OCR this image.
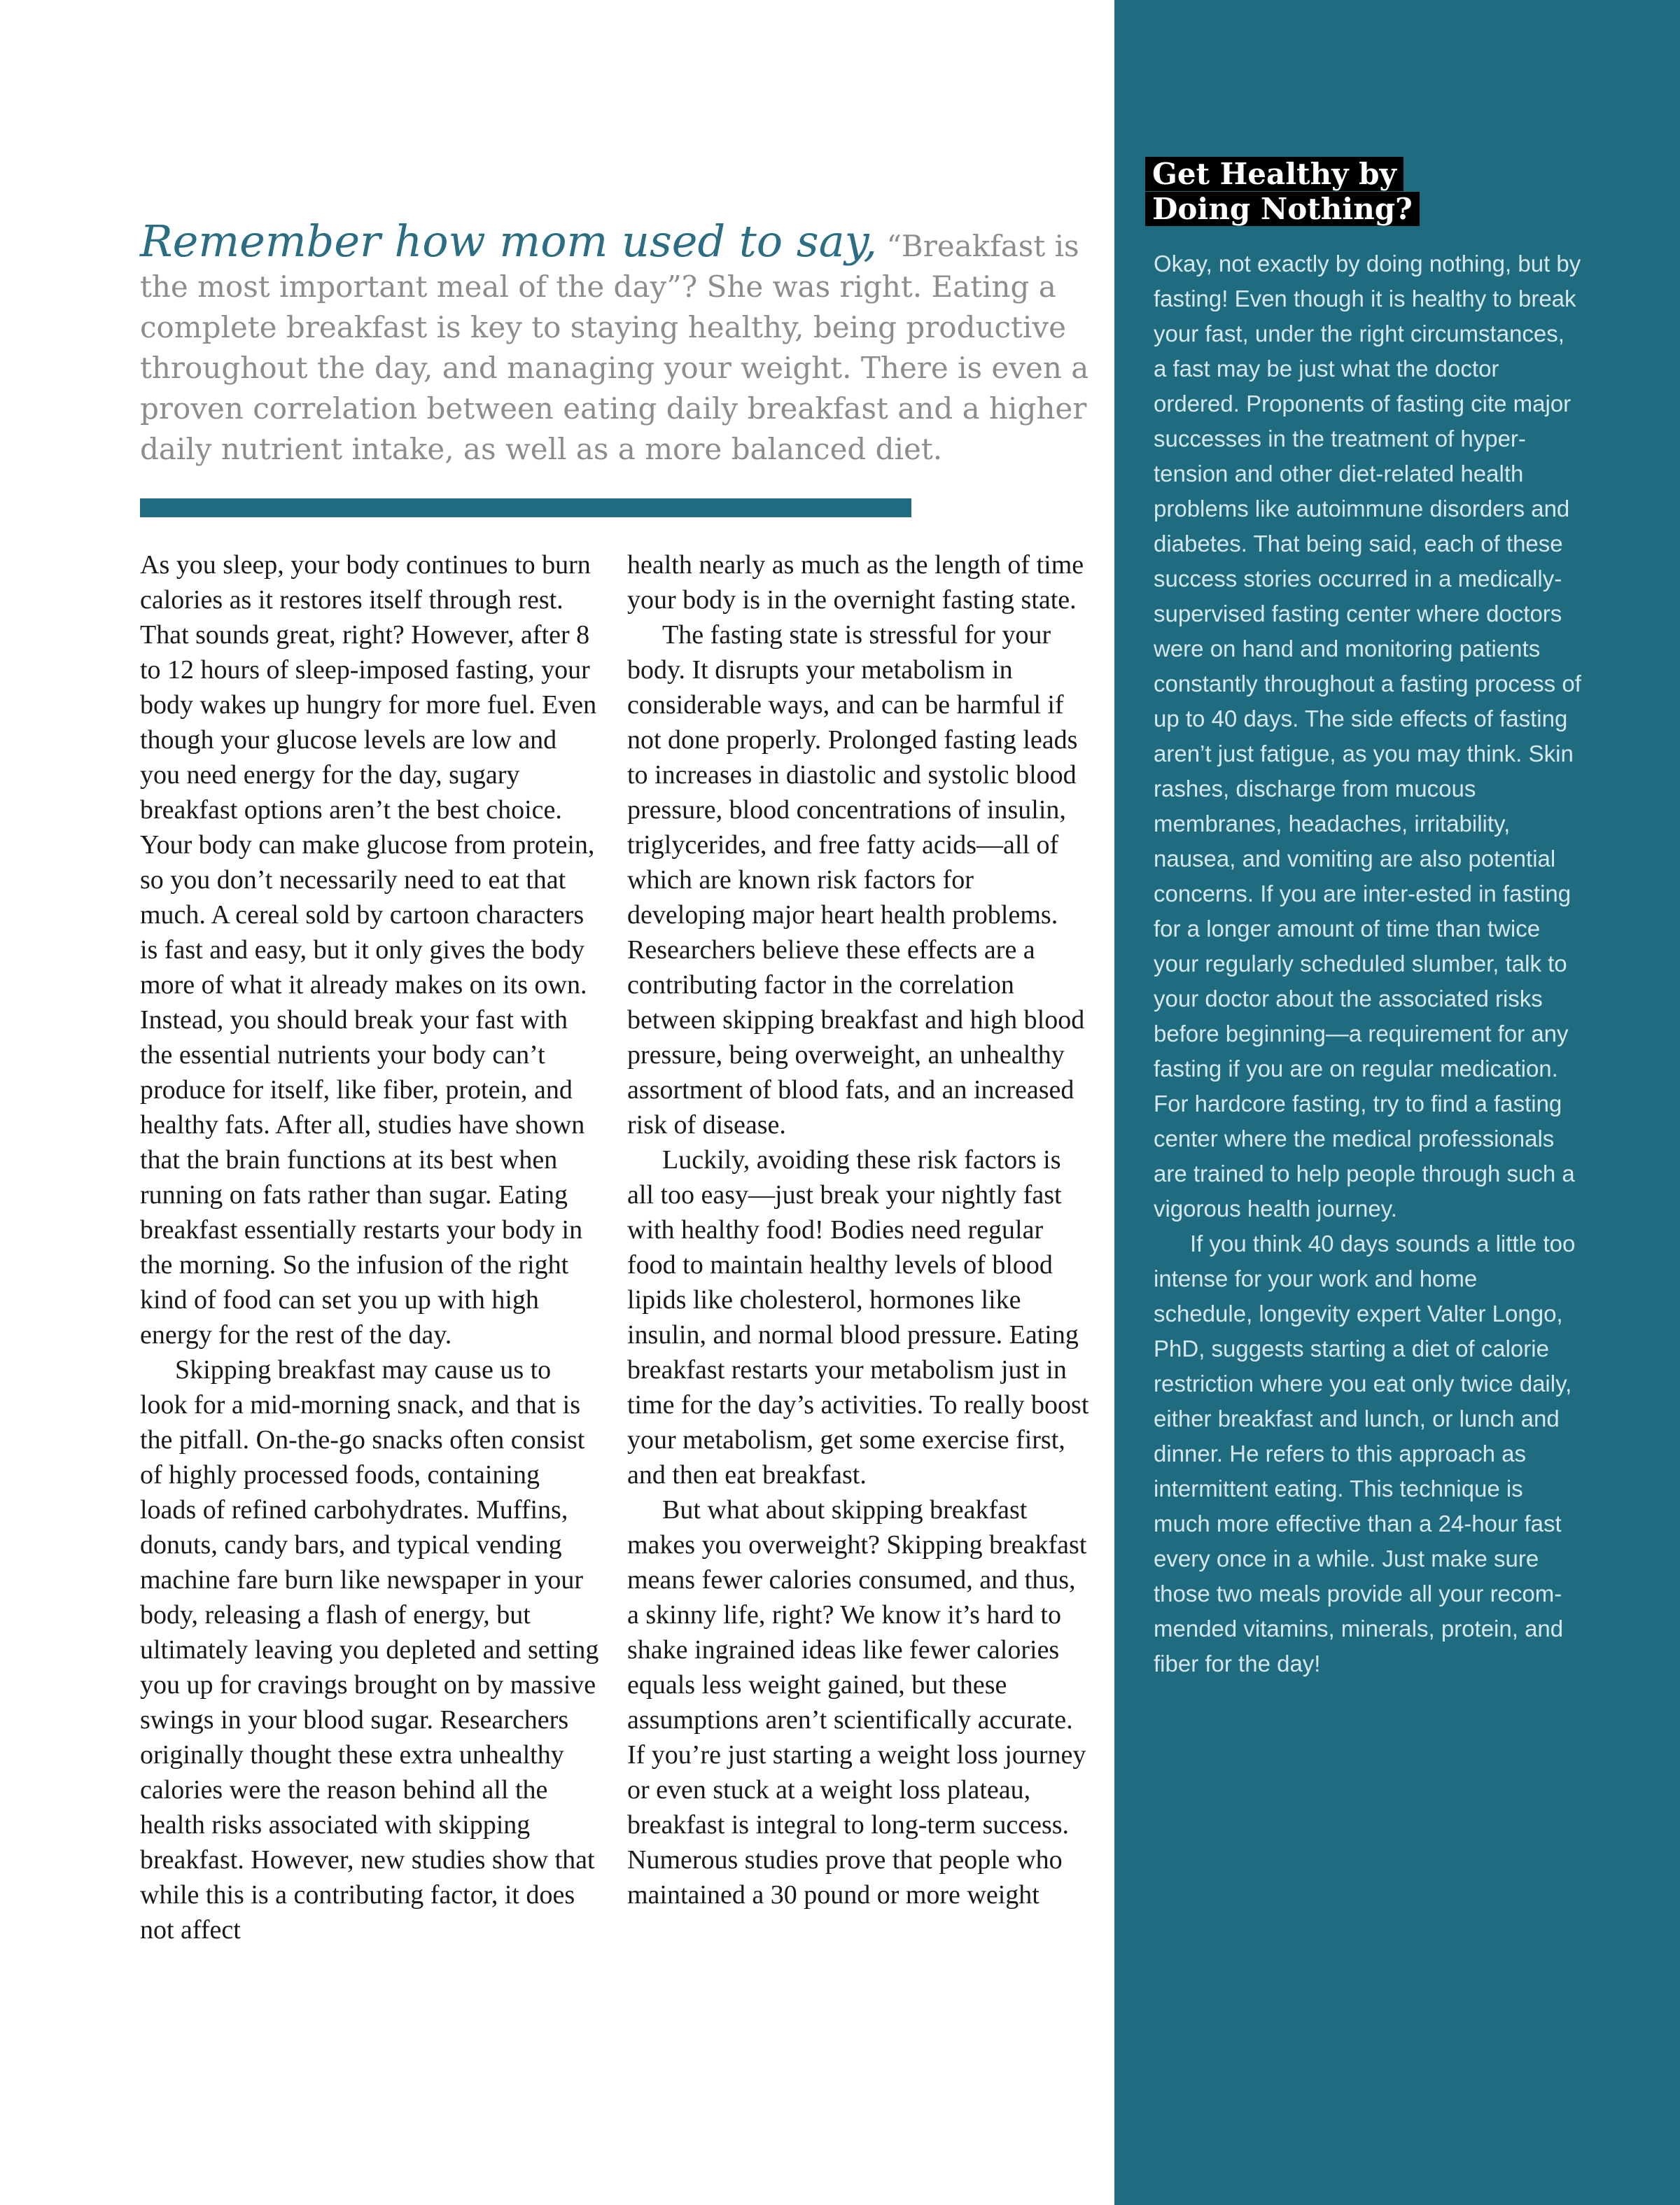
Get Healthy by
Doing Nothing?

Okay, not exactly by doing nothing, but by fasting! Even though it is healthy to break your fast, under the right circumstances, a fast may be just what the doctor ordered. Proponents of fasting cite major successes in the treatment of hyper-tension and other diet-related health problems like autoimmune disorders and diabetes. That being said, each of these success stories occurred in a medically-supervised fasting center where doctors were on hand and monitoring patients constantly throughout a fasting process of up to 40 days. The side effects of fasting aren’t just fatigue, as you may think. Skin rashes, discharge from mucous membranes, headaches, irritability, nausea, and vomiting are also potential concerns. If you are inter-ested in fasting for a longer amount of time than twice your regularly scheduled slumber, talk to your doctor about the associated risks before beginning—a requirement for any fasting if you are on regular medication. For hardcore fasting, try to find a fasting center where the medical professionals are trained to help people through such a vigorous health journey.

If you think 40 days sounds a little too intense for your work and home schedule, longevity expert Valter Longo, PhD, suggests starting a diet of calorie restriction where you eat only twice daily, either breakfast and lunch, or lunch and dinner. He refers to this approach as intermittent eating. This technique is much more effective than a 24-hour fast every once in a while. Just make sure those two meals provide all your recom-mended vitamins, minerals, protein, and fiber for the day!

Remember how mom used to say, “Breakfast is the most important meal of the day”? She was right. Eating a complete breakfast is key to staying healthy, being productive throughout the day, and managing your weight. There is even a proven correlation between eating daily breakfast and a higher daily nutrient intake, as well as a more balanced diet.

As you sleep, your body continues to burn calories as it restores itself through rest. That sounds great, right? However, after 8 to 12 hours of sleep-imposed fasting, your body wakes up hungry for more fuel. Even though your glucose levels are low and you need energy for the day, sugary breakfast options aren’t the best choice. Your body can make glucose from protein, so you don’t necessarily need to eat that much. A cereal sold by cartoon characters is fast and easy, but it only gives the body more of what it already makes on its own. Instead, you should break your fast with the essential nutrients your body can’t produce for itself, like fiber, protein, and healthy fats. After all, studies have shown that the brain functions at its best when running on fats rather than sugar. Eating breakfast essentially restarts your body in the morning. So the infusion of the right kind of food can set you up with high energy for the rest of the day.

Skipping breakfast may cause us to look for a mid-morning snack, and that is the pitfall. On-the-go snacks often consist of highly processed foods, containing loads of refined carbohydrates. Muffins, donuts, candy bars, and typical vending machine fare burn like newspaper in your body, releasing a flash of energy, but ultimately leaving you depleted and setting you up for cravings brought on by massive swings in your blood sugar. Researchers originally thought these extra unhealthy calories were the reason behind all the health risks associated with skipping breakfast. However, new studies show that while this is a contributing factor, it does not affect

health nearly as much as the length of time your body is in the overnight fasting state.

The fasting state is stressful for your body. It disrupts your metabolism in considerable ways, and can be harmful if not done properly. Prolonged fasting leads to increases in diastolic and systolic blood pressure, blood concentrations of insulin, triglycerides, and free fatty acids—all of which are known risk factors for developing major heart health problems. Researchers believe these effects are a contributing factor in the correlation between skipping breakfast and high blood pressure, being overweight, an unhealthy assortment of blood fats, and an increased risk of disease.

Luckily, avoiding these risk factors is all too easy—just break your nightly fast with healthy food! Bodies need regular food to maintain healthy levels of blood lipids like cholesterol, hormones like insulin, and normal blood pressure. Eating breakfast restarts your metabolism just in time for the day’s activities. To really boost your metabolism, get some exercise first, and then eat breakfast.

But what about skipping breakfast makes you overweight? Skipping breakfast means fewer calories consumed, and thus, a skinny life, right? We know it’s hard to shake ingrained ideas like fewer calories equals less weight gained, but these assumptions aren’t scientifically accurate. If you’re just starting a weight loss journey or even stuck at a weight loss plateau, breakfast is integral to long-term success. Numerous studies prove that people who maintained a 30 pound or more weight
